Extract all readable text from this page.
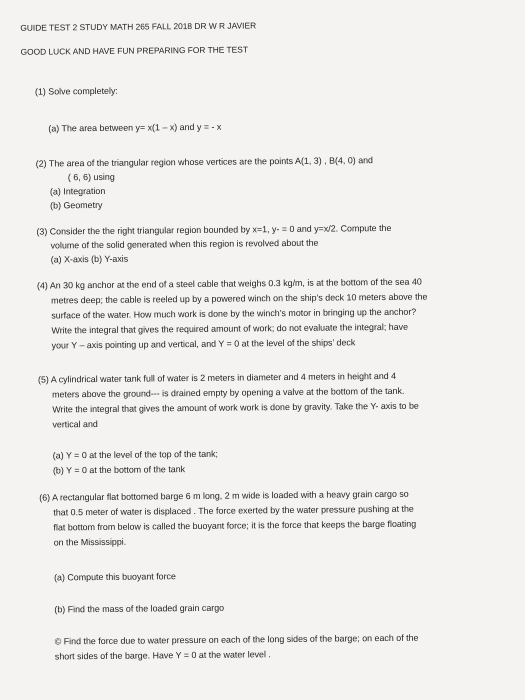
GUIDE TEST 2 STUDY MATH 265 FALL 2018 DR W R JAVIER
GOOD LUCK AND HAVE FUN PREPARING FOR THE TEST
(1) Solve completely:
(a) The area between y= x(1 – x) and y = - x
(2) The area of the triangular region whose vertices are the points A(1, 3) , B(4, 0) and
( 6, 6) using
(a) Integration
(b) Geometry
(3) Consider the the right triangular region bounded by x=1, y- = 0 and y=x/2. Compute the
volume of the solid generated when this region is revolved about the
(a) X-axis (b) Y-axis
(4) An 30 kg anchor at the end of a steel cable that weighs 0.3 kg/m, is at the bottom of the sea 40
metres deep; the cable is reeled up by a powered winch on the ship’s deck 10 meters above the
surface of the water. How much work is done by the winch’s motor in bringing up the anchor?
Write the integral that gives the required amount of work; do not evaluate the integral; have
your Y – axis pointing up and vertical, and Y = 0 at the level of the ships’ deck
(5) A cylindrical water tank full of water is 2 meters in diameter and 4 meters in height and 4
meters above the ground--- is drained empty by opening a valve at the bottom of the tank.
Write the integral that gives the amount of work work is done by gravity. Take the Y- axis to be
vertical and
(a) Y = 0 at the level of the top of the tank;
(b) Y = 0 at the bottom of the tank
(6) A rectangular flat bottomed barge 6 m long, 2 m wide is loaded with a heavy grain cargo so
that 0.5 meter of water is displaced . The force exerted by the water pressure pushing at the
flat bottom from below is called the buoyant force; it is the force that keeps the barge floating
on the Mississippi.
(a) Compute this buoyant force
(b) Find the mass of the loaded grain cargo
© Find the force due to water pressure on each of the long sides of the barge; on each of the
short sides of the barge. Have Y = 0 at the water level .
